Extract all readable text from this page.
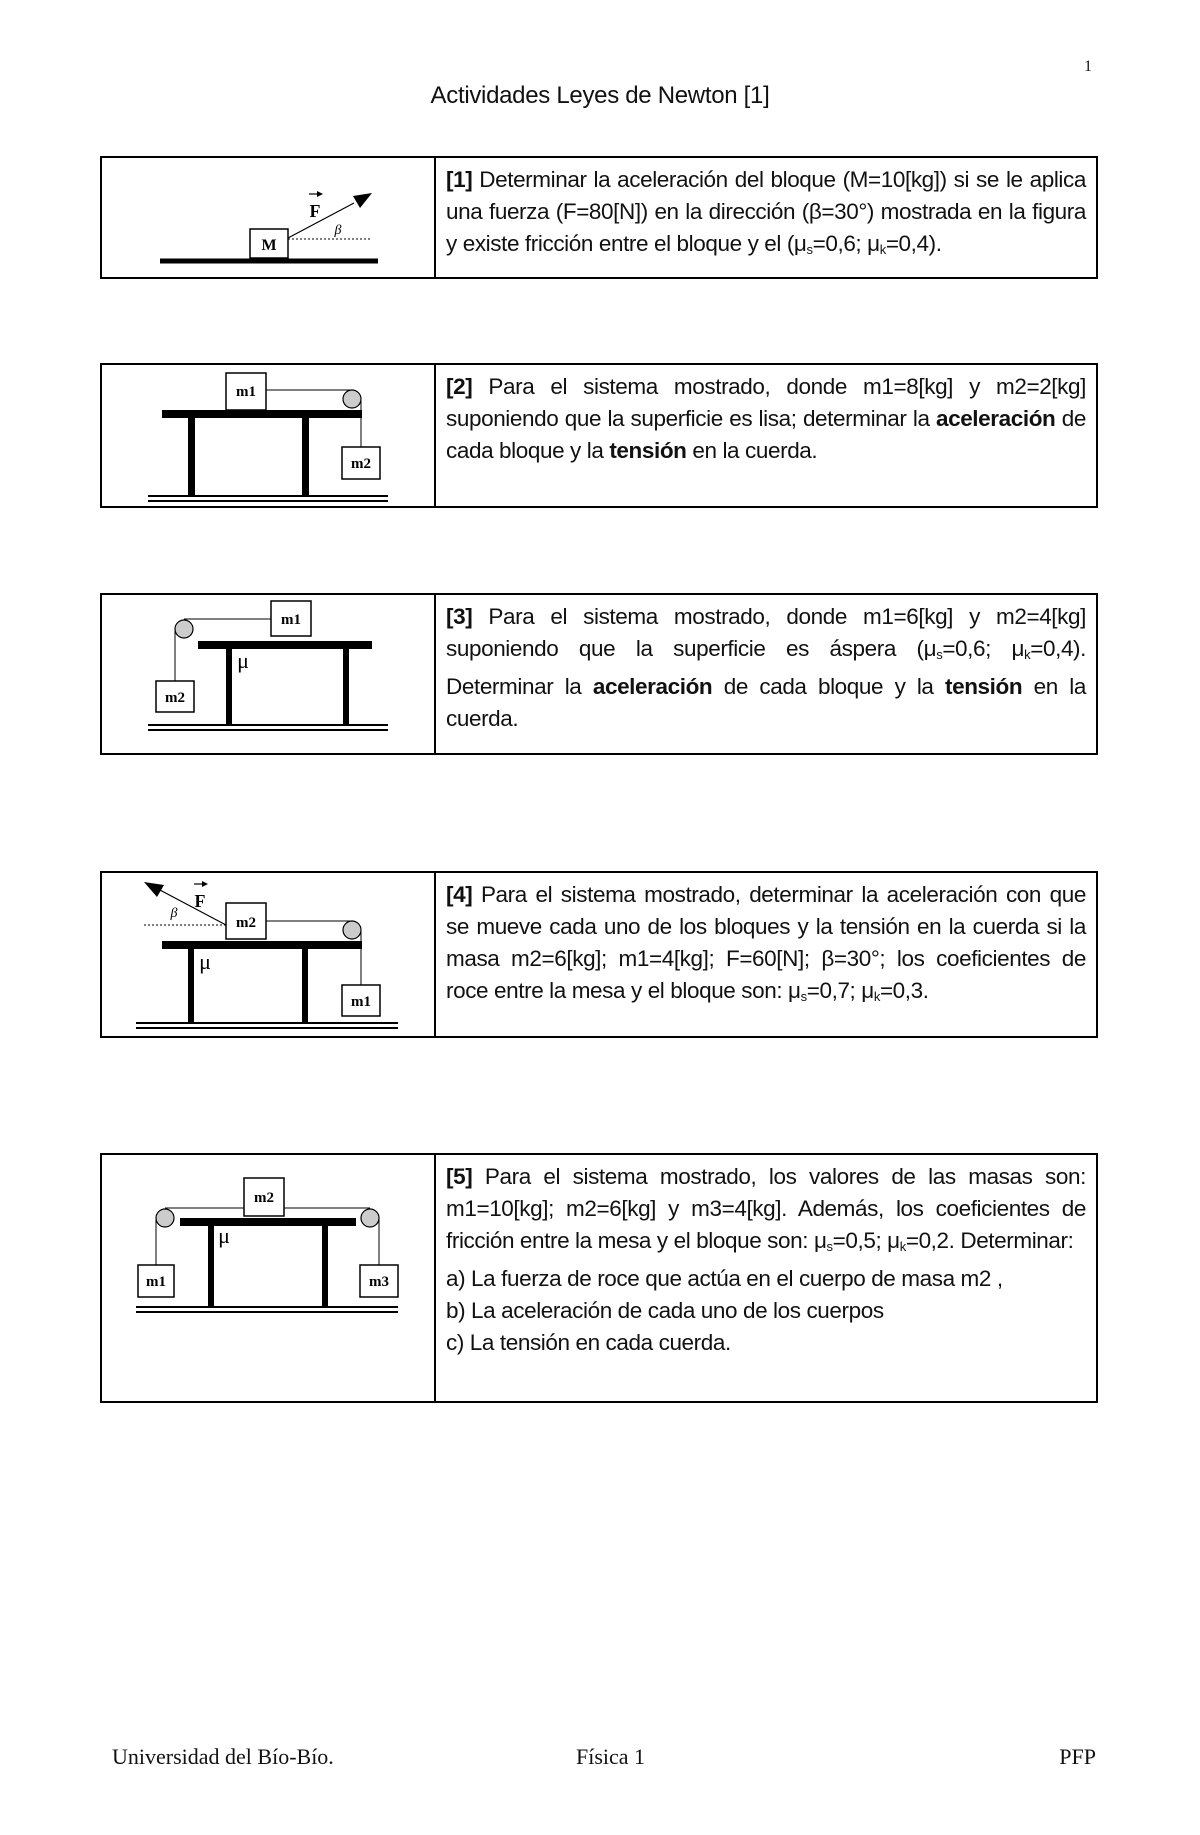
1
Actividades Leyes de Newton [1]
M
F
β
[1] Determinar la aceleración del bloque (M=10[kg]) si se le aplica una fuerza (F=80[N]) en la dirección (β=30°) mostrada en la figura y existe fricción entre el bloque y el ($\mu_s=0,6$; $\mu_k=0,4$).
m1
m2
[2] Para el sistema mostrado, donde m1=8[kg] y m2=2[kg] suponiendo que la superficie es lisa; determinar la aceleración de cada bloque y la tensión en la cuerda.
m1
m2
μ
[3] Para el sistema mostrado, donde m1=6[kg] y m2=4[kg] suponiendo que la superficie es áspera ($\mu_s=0,6$; $\mu_k=0,4$). Determinar la aceleración de cada bloque y la tensión en la cuerda.
m2
m1
F
β
μ
[4] Para el sistema mostrado, determinar la aceleración con que se mueve cada uno de los bloques y la tensión en la cuerda si la masa m2=6[kg]; m1=4[kg]; F=60[N]; β=30°; los coeficientes de roce entre la mesa y el bloque son: $\mu_s=0,7$; $\mu_k=0,3$.
m2
m1	m3
μ
[5] Para el sistema mostrado, los valores de las masas son: m1=10[kg]; m2=6[kg] y m3=4[kg]. Además, los coeficientes de fricción entre la mesa y el bloque son: $\mu_s=0,5$; $\mu_k=0,2$. Determinar:
a) La fuerza de roce que actúa en el cuerpo de masa m2 ,
b) La aceleración de cada uno de los cuerpos
c) La tensión en cada cuerda.
Universidad del Bío-Bío.	Física 1	PFP
